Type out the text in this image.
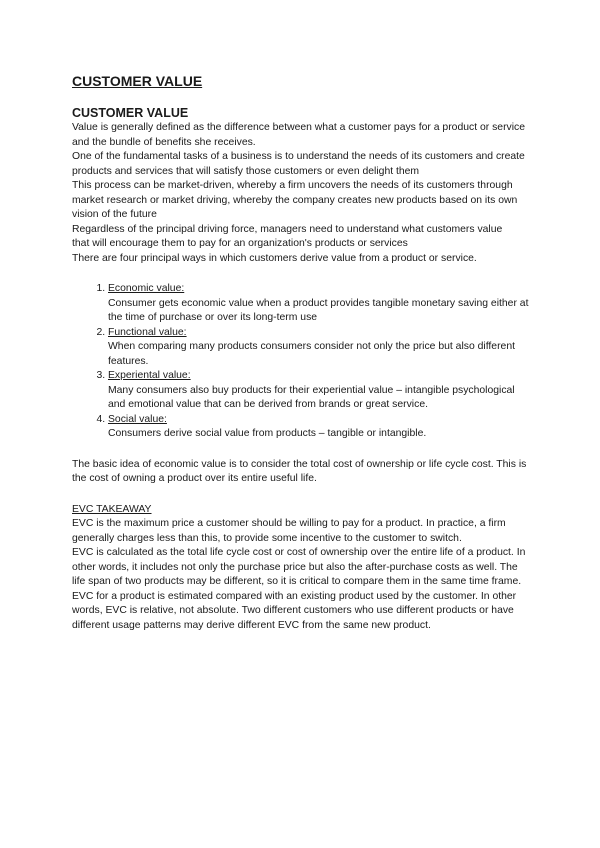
CUSTOMER VALUE
CUSTOMER VALUE

Value is generally defined as the difference between what a customer pays for a product or service and the bundle of benefits she receives.

One of the fundamental tasks of a business is to understand the needs of its customers and create products and services that will satisfy those customers or even delight them

This process can be market-driven, whereby a firm uncovers the needs of its customers through market research or market driving, whereby the company creates new products based on its own vision of the future

Regardless of the principal driving force, managers need to understand what customers value

that will encourage them to pay for an organization's products or services

There are four principal ways in which customers derive value from a product or service.

1. Economic value:
Consumer gets economic value when a product provides tangible monetary saving either at the time of purchase or over its long-term use
2. Functional value:
When comparing many products consumers consider not only the price but also different features.
3. Experiental value:
Many consumers also buy products for their experiential value – intangible psychological and emotional value that can be derived from brands or great service.
4. Social value:
Consumers derive social value from products – tangible or intangible.

The basic idea of economic value is to consider the total cost of ownership or life cycle cost. This is the cost of owning a product over its entire useful life.

EVC TAKEAWAY

EVC is the maximum price a customer should be willing to pay for a product. In practice, a firm generally charges less than this, to provide some incentive to the customer to switch.

EVC is calculated as the total life cycle cost or cost of ownership over the entire life of a product. In other words, it includes not only the purchase price but also the after-purchase costs as well. The life span of two products may be different, so it is critical to compare them in the same time frame.

EVC for a product is estimated compared with an existing product used by the customer. In other words, EVC is relative, not absolute. Two different customers who use different products or have different usage patterns may derive different EVC from the same new product.
